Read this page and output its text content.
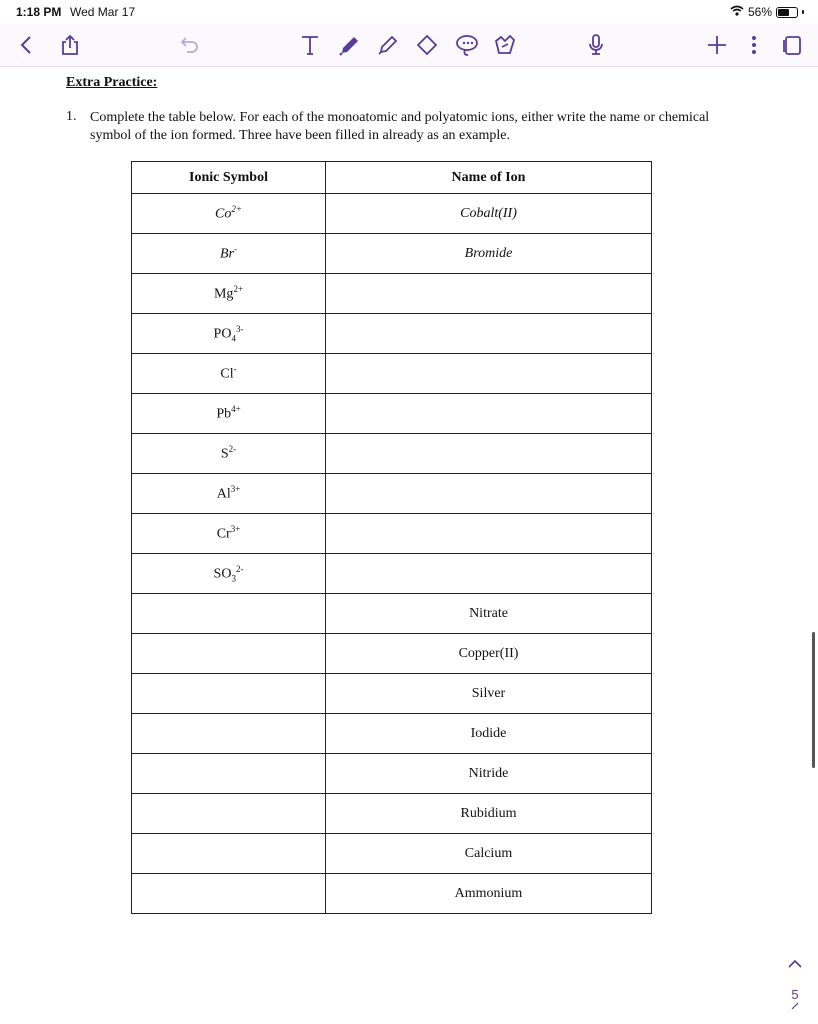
1:18 PM Wed Mar 17	56%
Extra Practice:
1. Complete the table below. For each of the monoatomic and polyatomic ions, either write the name or chemical symbol of the ion formed. Three have been filled in already as an example.
Ionic Symbol	Name of Ion
$Co^{2+}$	Cobalt(II)
Br-	Bromide
$Mg^{2+}$	
$PO_4^{3-}$	
Cl-	
$Pb^{4+}$	
$S^{2-}$	
$Al^{3+}$	
$Cr^{3+}$	
$SO_3^{2-}$	
	Nitrate
	Copper(II)
	Silver
	Iodide
	Nitride
	Rubidium
	Calcium
	Ammonium
5
